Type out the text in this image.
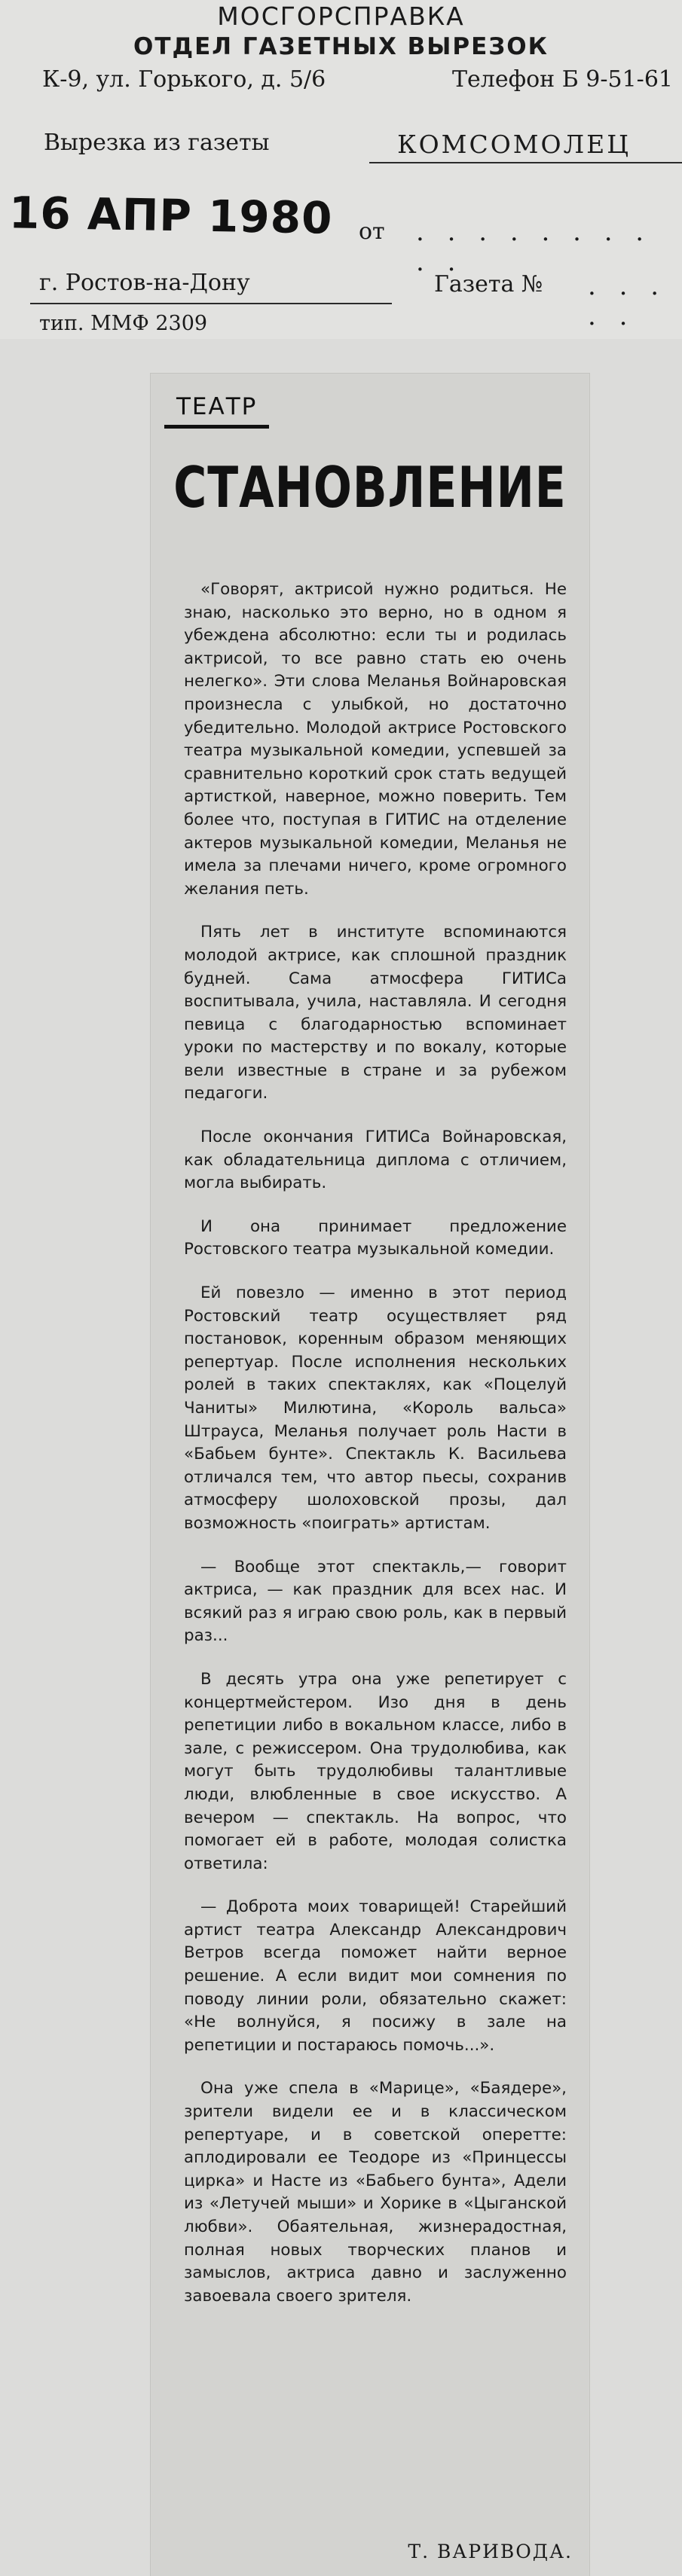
МОСГОРСПРАВКА
ОТДЕЛ ГАЗЕТНЫХ ВЫРЕЗОК
К-9, ул. Горького, д. 5/6	Телефон Б 9-51-61
Вырезка из газеты	КОМСОМОЛЕЦ
16 АПР 1980 от . . . . . . . . . .
г. Ростов-на-Дону	Газета № . . . . .
тип. ММФ 2309
ТЕАТР
СТАНОВЛЕНИЕ

«Говорят, актрисой нужно родиться. Не знаю, насколько это верно, но в одном я убеждена абсолютно: если ты и родилась актрисой, то все равно стать ею очень нелегко». Эти слова Меланья Войнаровская произнесла с улыбкой, но достаточно убедительно. Молодой актрисе Ростовского театра музыкальной комедии, успевшей за сравнительно короткий срок стать ведущей артисткой, наверное, можно поверить. Тем более что, поступая в ГИТИС на отделение актеров музыкальной комедии, Меланья не имела за плечами ничего, кроме огромного желания петь.

Пять лет в институте вспоминаются молодой актрисе, как сплошной праздник будней. Сама атмосфера ГИТИСа воспитывала, учила, наставляла. И сегодня певица с благодарностью вспоминает уроки по мастерству и по вокалу, которые вели известные в стране и за рубежом педагоги.

После окончания ГИТИСа Войнаровская, как обладательница диплома с отличием, могла выбирать.

И она принимает предложение Ростовского театра музыкальной комедии.

Ей повезло — именно в этот период Ростовский театр осуществляет ряд постановок, коренным образом меняющих репертуар. После исполнения нескольких ролей в таких спектаклях, как «Поцелуй Чаниты» Милютина, «Король вальса» Штрауса, Меланья получает роль Насти в «Бабьем бунте». Спектакль К. Васильева отличался тем, что автор пьесы, сохранив атмосферу шолоховской прозы, дал возможность «поиграть» артистам.

— Вообще этот спектакль,— говорит актриса, — как праздник для всех нас. И всякий раз я играю свою роль, как в первый раз...

В десять утра она уже репетирует с концертмейстером. Изо дня в день репетиции либо в вокальном классе, либо в зале, с режиссером. Она трудолюбива, как могут быть трудолюбивы талантливые люди, влюбленные в свое искусство. А вечером — спектакль. На вопрос, что помогает ей в работе, молодая солистка ответила:

— Доброта моих товарищей! Старейший артист театра Александр Александрович Ветров всегда поможет найти верное решение. А если видит мои сомнения по поводу линии роли, обязательно скажет: «Не волнуйся, я посижу в зале на репетиции и постараюсь помочь...».

Она уже спела в «Марице», «Баядере», зрители видели ее и в классическом репертуаре, и в советской оперетте: аплодировали ее Теодоре из «Принцессы цирка» и Насте из «Бабьего бунта», Адели из «Летучей мыши» и Хорике в «Цыганской любви». Обаятельная, жизнерадостная, полная новых творческих планов и замыслов, актриса давно и заслуженно завоевала своего зрителя.

Т. ВАРИВОДА.
